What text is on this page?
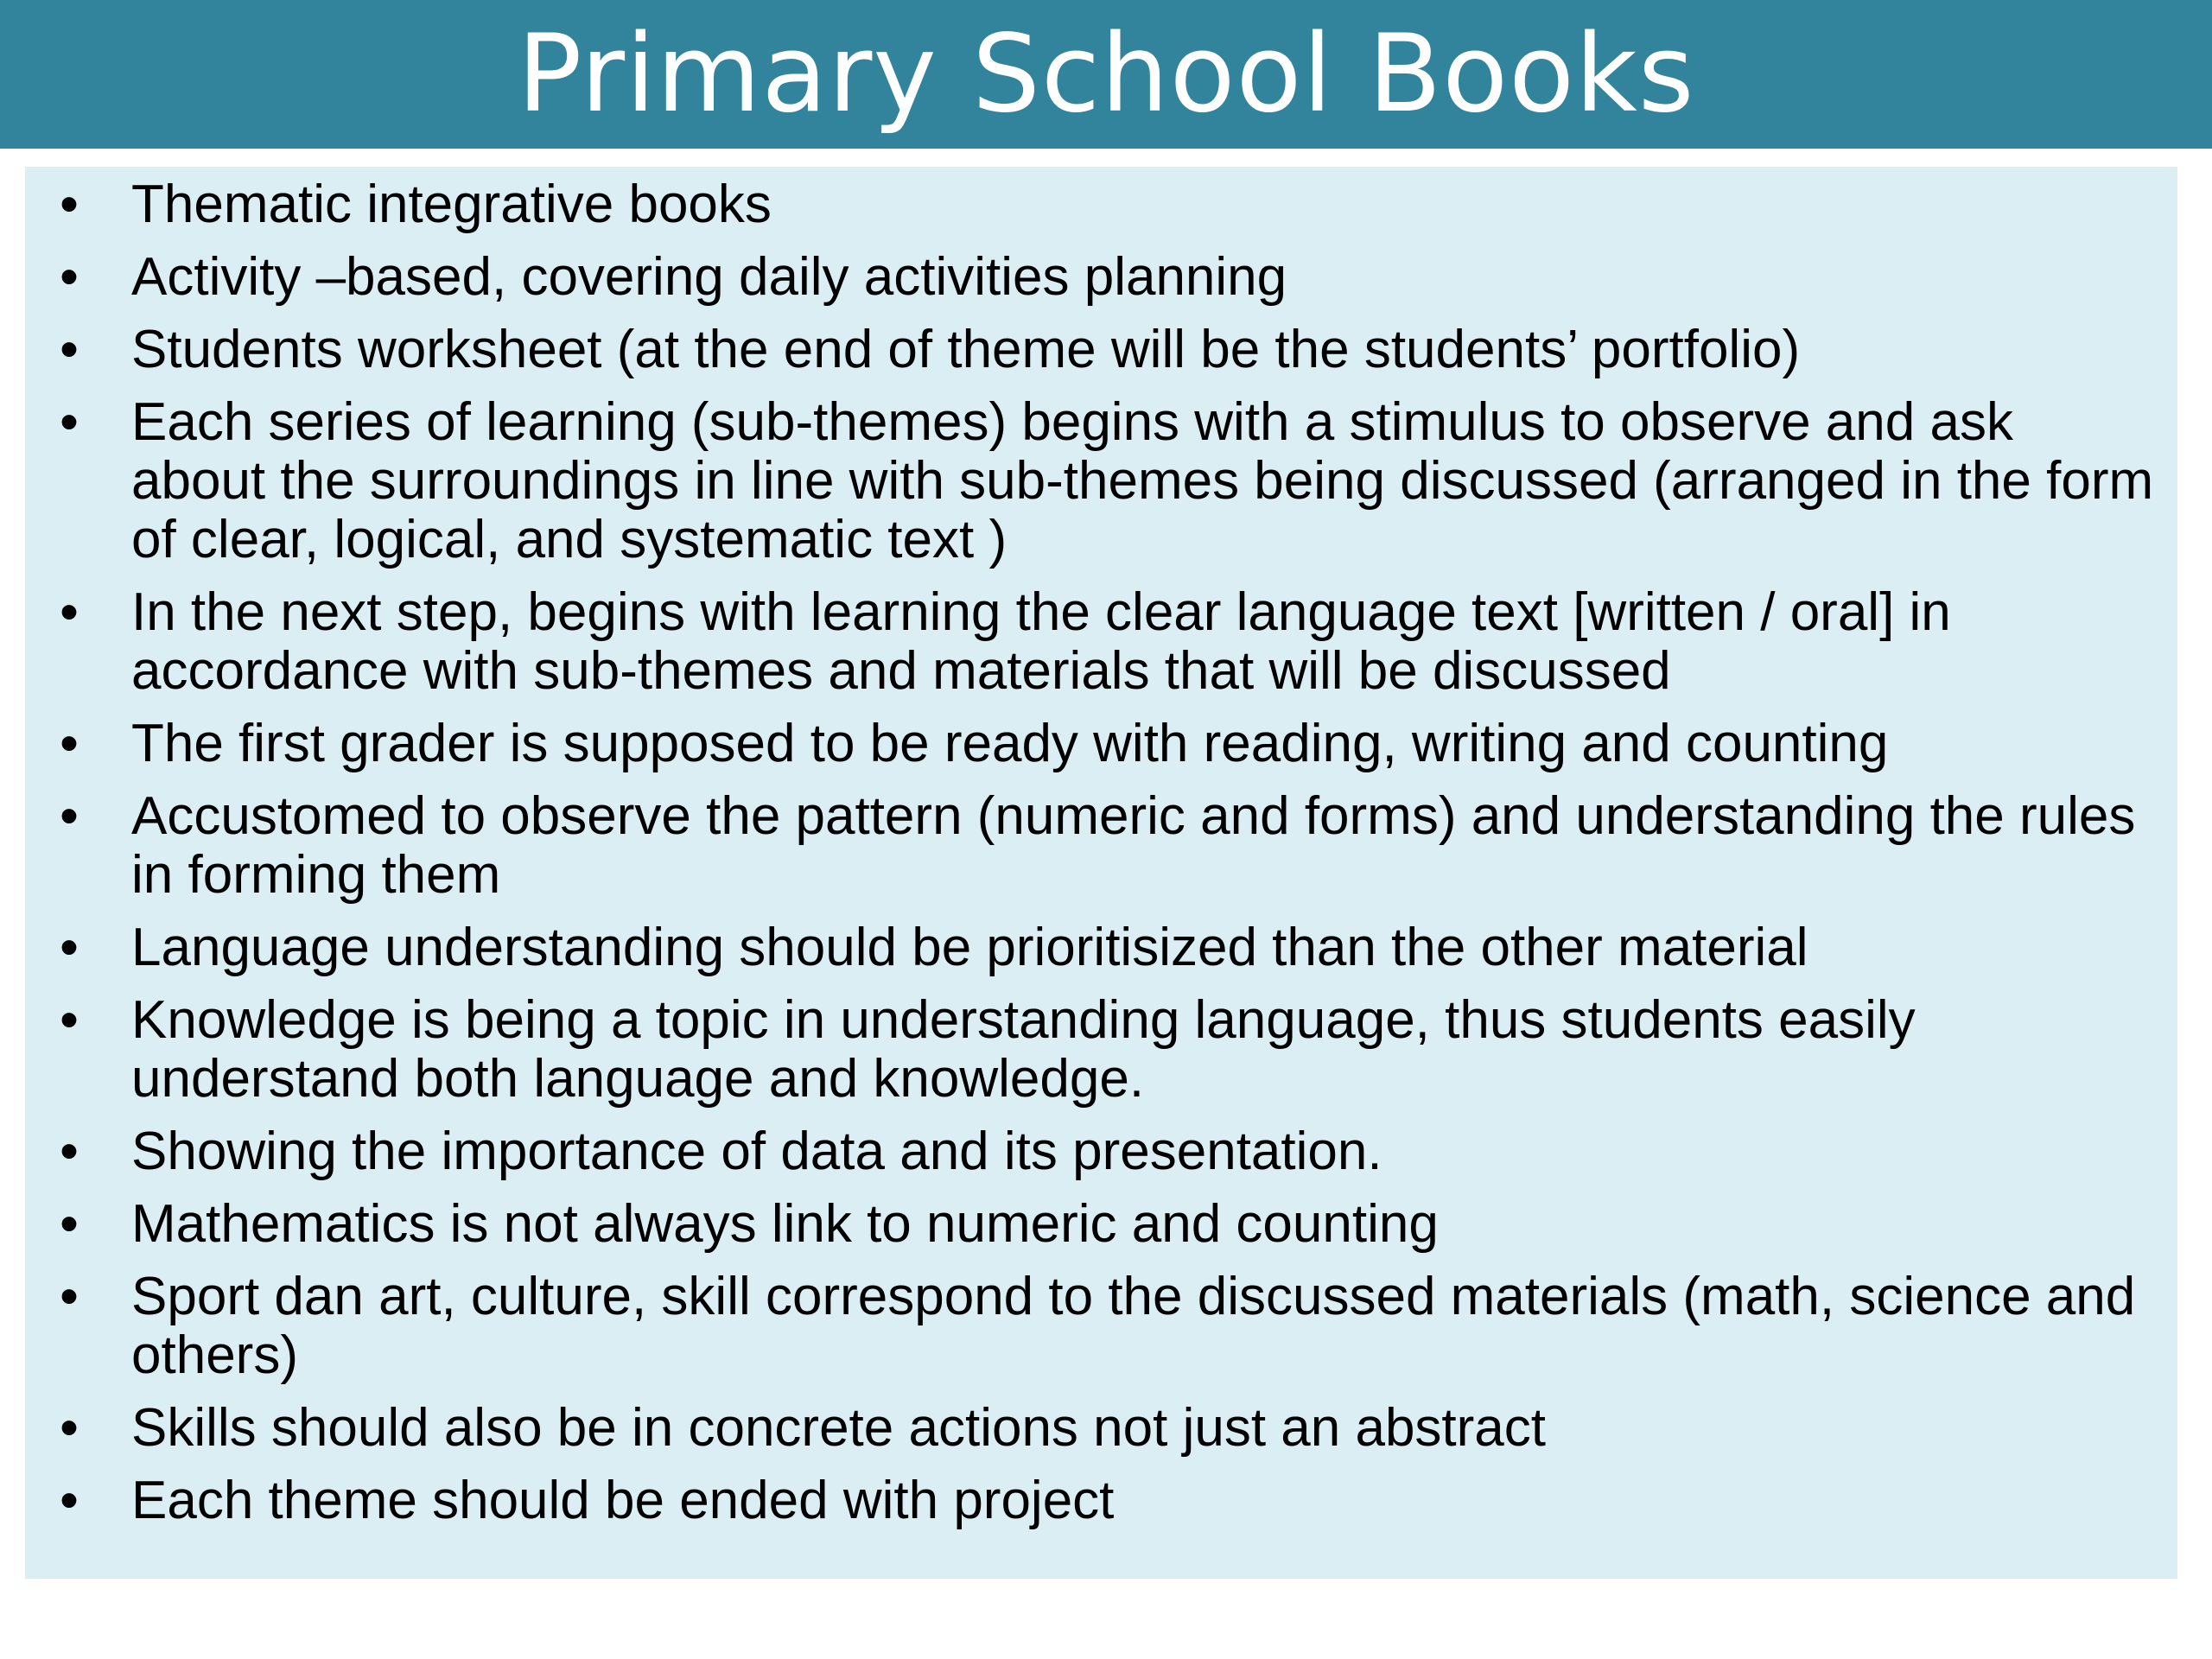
Primary School Books
• Thematic integrative books
• Activity –based, covering daily activities planning
• Students worksheet (at the end of theme will be the students’ portfolio)
• Each series of learning (sub-themes) begins with a stimulus to observe and ask about the surroundings in line with sub-themes being discussed (arranged in the form of clear, logical, and systematic text )
• In the next step, begins with learning the clear language text [written / oral] in accordance with sub-themes and materials that will be discussed
• The first grader is supposed to be ready with reading, writing and counting
• Accustomed to observe the pattern (numeric and forms) and understanding the rules in forming them
• Language understanding should be prioritisized than the other material
• Knowledge is being a topic in understanding language, thus students easily understand both language and knowledge.
• Showing the importance of data and its presentation.
• Mathematics is not always link to numeric and counting
• Sport dan art, culture, skill correspond to the discussed materials (math, science and others)
• Skills should also be in concrete actions not just an abstract
• Each theme should be ended with project
